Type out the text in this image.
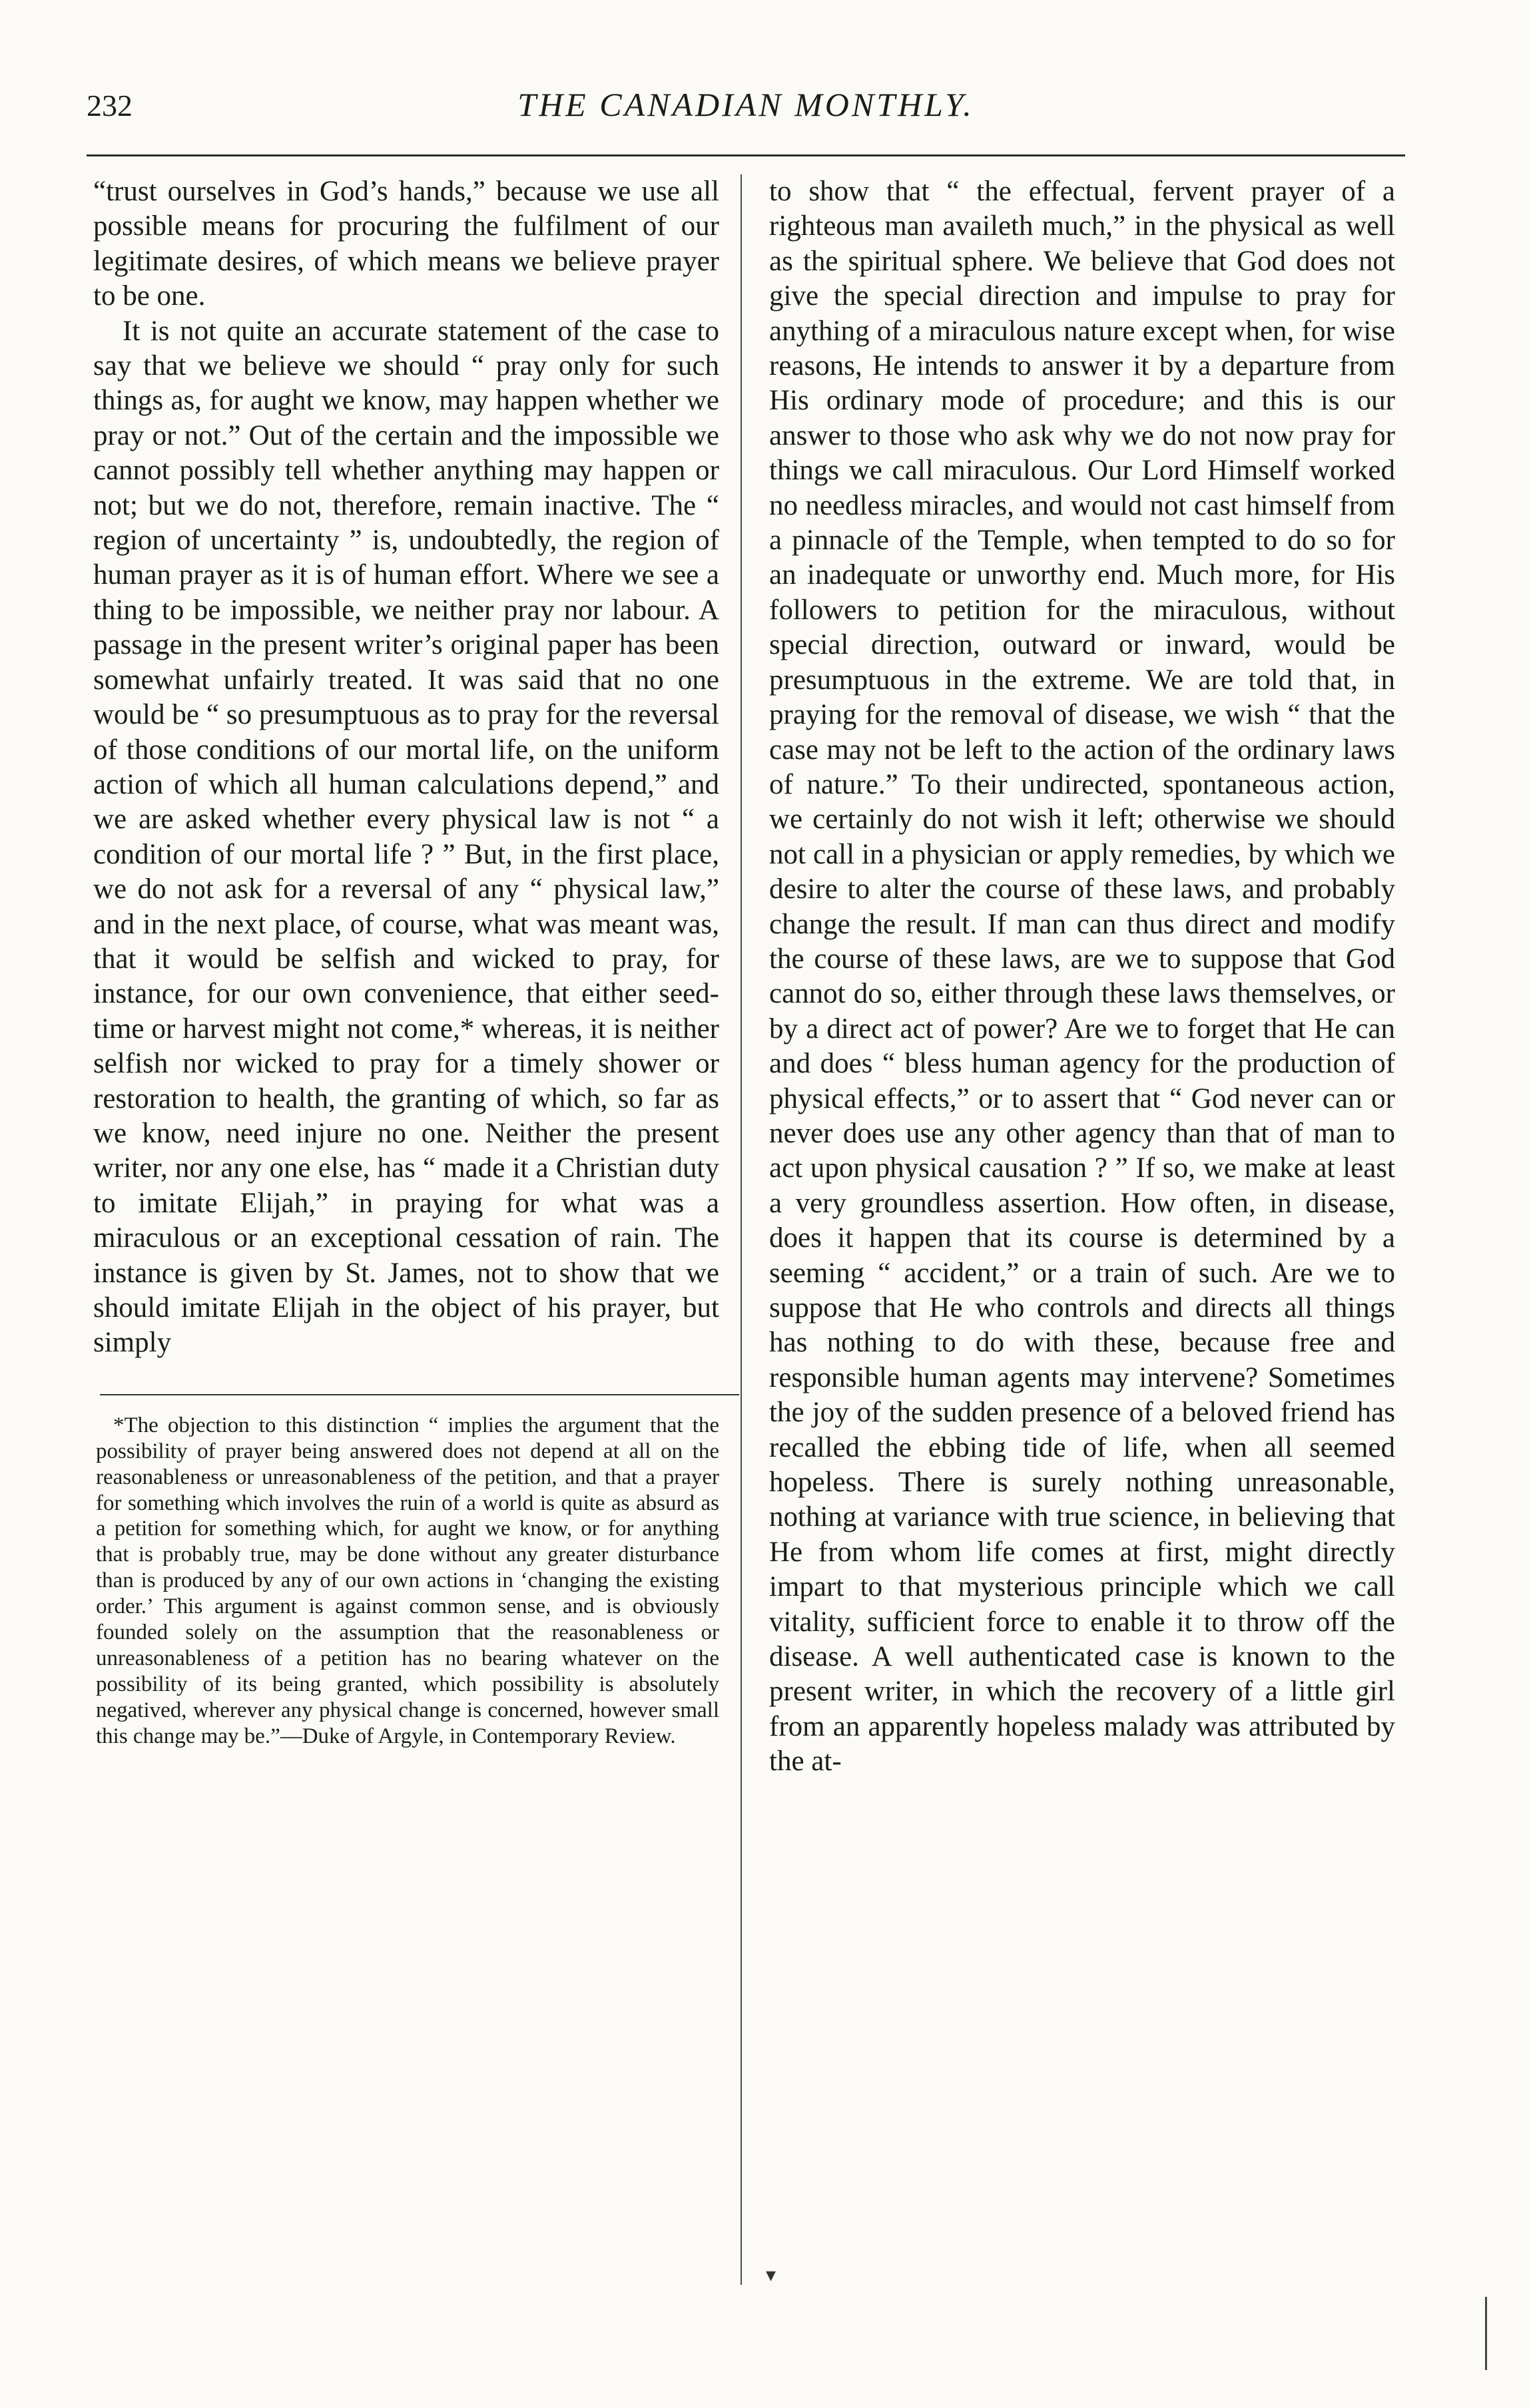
232	THE CANADIAN MONTHLY.

“trust ourselves in God’s hands,” because we use all possible means for procuring the fulfilment of our legitimate desires, of which means we believe prayer to be one.

It is not quite an accurate statement of the case to say that we believe we should “ pray only for such things as, for aught we know, may happen whether we pray or not.” Out of the certain and the impossible we cannot possibly tell whether anything may happen or not; but we do not, therefore, remain inactive. The “ region of uncertainty ” is, undoubtedly, the region of human prayer as it is of human effort. Where we see a thing to be impossible, we neither pray nor labour. A passage in the present writer’s original paper has been somewhat unfairly treated. It was said that no one would be “ so presumptuous as to pray for the reversal of those conditions of our mortal life, on the uniform action of which all human calculations depend,” and we are asked whether every physical law is not “ a condition of our mortal life ? ” But, in the first place, we do not ask for a reversal of any “ physical law,” and in the next place, of course, what was meant was, that it would be selfish and wicked to pray, for instance, for our own convenience, that either seed-time or harvest might not come,* whereas, it is neither selfish nor wicked to pray for a timely shower or restoration to health, the granting of which, so far as we know, need injure no one. Neither the present writer, nor any one else, has “ made it a Christian duty to imitate Elijah,” in praying for what was a miraculous or an exceptional cessation of rain. The instance is given by St. James, not to show that we should imitate Elijah in the object of his prayer, but simply

*The objection to this distinction “ implies the argument that the possibility of prayer being answered does not depend at all on the reasonableness or unreasonableness of the petition, and that a prayer for something which involves the ruin of a world is quite as absurd as a petition for something which, for aught we know, or for anything that is probably true, may be done without any greater disturbance than is produced by any of our own actions in ‘changing the existing order.’ This argument is against common sense, and is obviously founded solely on the assumption that the reasonableness or unreasonableness of a petition has no bearing whatever on the possibility of its being granted, which possibility is absolutely negatived, wherever any physical change is concerned, however small this change may be.”—Duke of Argyle, in Contemporary Review.

to show that “ the effectual, fervent prayer of a righteous man availeth much,” in the physical as well as the spiritual sphere. We believe that God does not give the special direction and impulse to pray for anything of a miraculous nature except when, for wise reasons, He intends to answer it by a departure from His ordinary mode of procedure; and this is our answer to those who ask why we do not now pray for things we call miraculous. Our Lord Himself worked no needless miracles, and would not cast himself from a pinnacle of the Temple, when tempted to do so for an inadequate or unworthy end. Much more, for His followers to petition for the miraculous, without special direction, outward or inward, would be presumptuous in the extreme. We are told that, in praying for the removal of disease, we wish “ that the case may not be left to the action of the ordinary laws of nature.” To their undirected, spontaneous action, we certainly do not wish it left; otherwise we should not call in a physician or apply remedies, by which we desire to alter the course of these laws, and probably change the result. If man can thus direct and modify the course of these laws, are we to suppose that God cannot do so, either through these laws themselves, or by a direct act of power? Are we to forget that He can and does “ bless human agency for the production of physical effects,” or to assert that “ God never can or never does use any other agency than that of man to act upon physical causation ? ” If so, we make at least a very groundless assertion. How often, in disease, does it happen that its course is determined by a seeming “ accident,” or a train of such. Are we to suppose that He who controls and directs all things has nothing to do with these, because free and responsible human agents may intervene? Sometimes the joy of the sudden presence of a beloved friend has recalled the ebbing tide of life, when all seemed hopeless. There is surely nothing unreasonable, nothing at variance with true science, in believing that He from whom life comes at first, might directly impart to that mysterious principle which we call vitality, sufficient force to enable it to throw off the disease. A well authenticated case is known to the present writer, in which the recovery of a little girl from an apparently hopeless malady was attributed by the at-

▾
